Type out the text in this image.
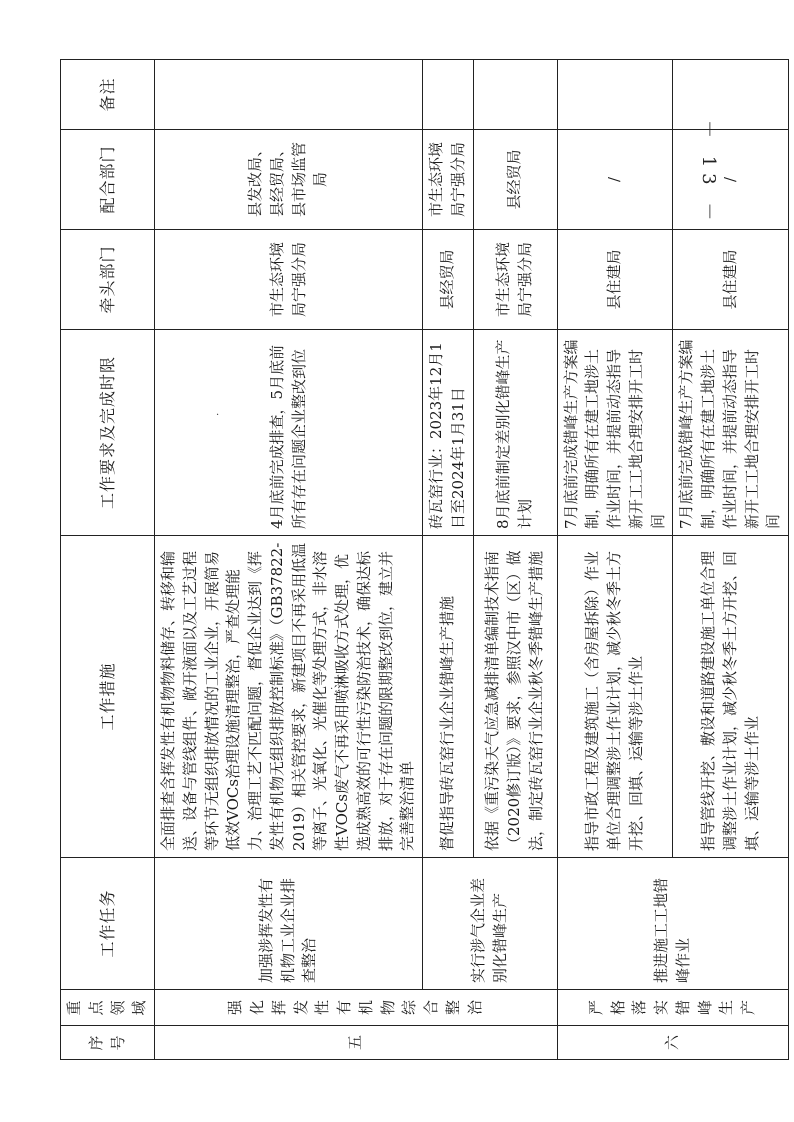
序号	重点领域	工作任务	工作措施	工作要求及完成时限	牵头部门	配合部门	备注
五	强化挥发性有机物综合整治	加强涉挥发性有机物工业企业排查整治	全面排查含挥发性有机物物料储存、转移和输送、设备与管线组件、敞开液面以及工艺过程等环节无组织排放情况的工业企业，开展简易低效VOCs治理设施清理整治，严查处理能力、治理工艺不匹配问题，督促企业达到《挥发性有机物无组织排放控制标准》（GB37822-2019）相关管控要求，新建项目不再采用低温等离子、光氧化、光催化等处理方式，非水溶性VOCs废气不再采用喷淋吸收方式处理，优选成熟高效的可行性污染防治技术，确保达标排放，对于存在问题的限期整改到位，建立并完善整治清单	4月底前完成排查，5月底前所有存在问题企业整改到位	市生态环境局宁强分局	县发改局、县经贸局、县市场监管局	
		实行涉气企业差别化错峰生产	督促指导砖瓦窑行业企业错峰生产措施	砖瓦窑行业：2023年12月1日至2024年1月31日	县经贸局	市生态环境局宁强分局	
			依据《重污染天气应急减排清单编制技术指南（2020修订版）》要求，参照汉中市（区）做法，制定砖瓦窑行业企业秋冬季错峰生产措施	8月底前制定差别化错峰生产计划	市生态环境局宁强分局	县经贸局	
六	严格落实错峰生产	推进施工工地错峰作业	指导市政工程及建筑施工（含房屋拆除）作业单位合理调整涉土作业计划，减少秋冬季土方开挖、回填、运输等涉土作业	7月底前完成错峰生产方案编制，明确所有在建工地涉土作业时间，并提前动态指导新开工工地合理安排开工时间	县住建局	/	
			指导管线开挖、敷设和道路建设施工单位合理调整涉土作业计划，减少秋冬季土方开挖、回填、运输等涉土作业	7月底前完成错峰生产方案编制，明确所有在建工地涉土作业时间，并提前动态指导新开工工地合理安排开工时间	县住建局	/	
－ 13 －
·
·
